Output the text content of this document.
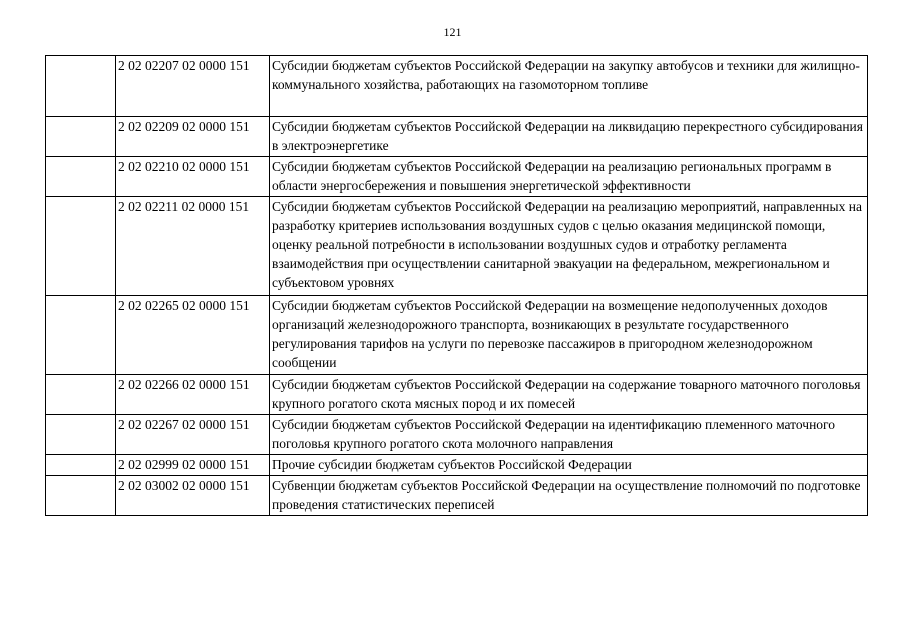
121
	2 02 02207 02 0000 151	Субсидии бюджетам субъектов Российской Федерации на закупку автобусов и техники для жилищно-коммунального хозяйства, работающих на газомоторном топливе
	2 02 02209 02 0000 151	Субсидии бюджетам субъектов Российской Федерации на ликвидацию перекрестного субсидирования в электроэнергетике
	2 02 02210 02 0000 151	Субсидии бюджетам субъектов Российской Федерации на реализацию региональных программ в области энергосбережения и повышения энергетической эффективности
	2 02 02211 02 0000 151	Субсидии бюджетам субъектов Российской Федерации на реализацию мероприятий, направленных на разработку критериев использования воздушных судов с целью оказания медицинской помощи, оценку реальной потребности в использовании воздушных судов и отработку регламента взаимодействия при осуществлении санитарной эвакуации на федеральном, межрегиональном и субъектовом уровнях
	2 02 02265 02 0000 151	Субсидии бюджетам субъектов Российской Федерации на возмещение недополученных доходов организаций железнодорожного транспорта, возникающих в результате государственного регулирования тарифов на услуги по перевозке пассажиров в пригородном железнодорожном сообщении
	2 02 02266 02 0000 151	Субсидии бюджетам субъектов Российской Федерации на содержание товарного маточного поголовья крупного рогатого скота мясных пород и их помесей
	2 02 02267 02 0000 151	Субсидии бюджетам субъектов Российской Федерации на идентификацию племенного маточного поголовья крупного рогатого скота молочного направления
	2 02 02999 02 0000 151	Прочие субсидии бюджетам субъектов Российской Федерации
	2 02 03002 02 0000 151	Субвенции бюджетам субъектов Российской Федерации на осуществление полномочий по подготовке проведения статистических переписей
